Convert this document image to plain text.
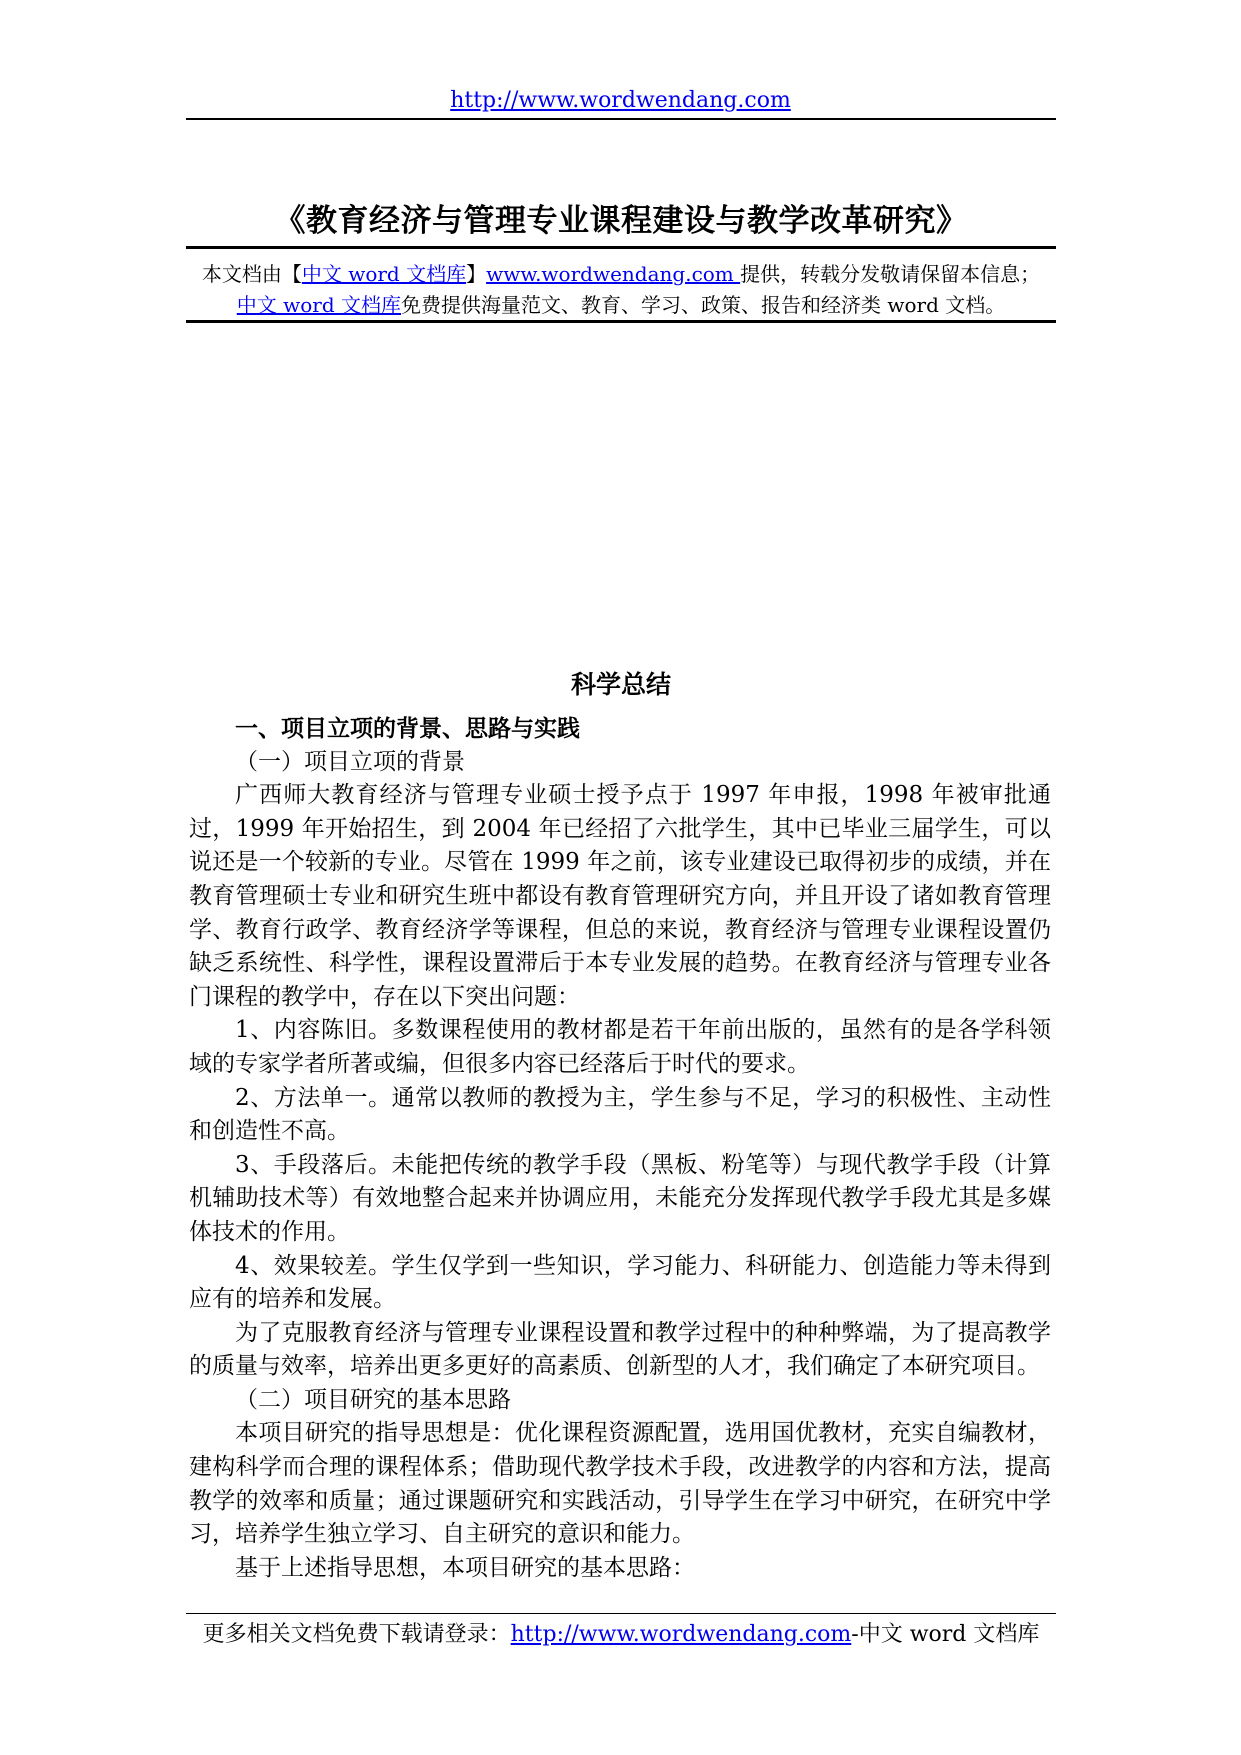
http://www.wordwendang.com
《教育经济与管理专业课程建设与教学改革研究》
本文档由【中文 word 文档库】www.wordwendang.com 提供，转载分发敬请保留本信息；
中文 word 文档库免费提供海量范文、教育、学习、政策、报告和经济类 word 文档。
科学总结

一、项目立项的背景、思路与实践

（一）项目立项的背景

广西师大教育经济与管理专业硕士授予点于 1997 年申报，1998 年被审批通过，1999 年开始招生，到 2004 年已经招了六批学生，其中已毕业三届学生，可以说还是一个较新的专业。尽管在 1999 年之前，该专业建设已取得初步的成绩，并在教育管理硕士专业和研究生班中都设有教育管理研究方向，并且开设了诸如教育管理学、教育行政学、教育经济学等课程，但总的来说，教育经济与管理专业课程设置仍缺乏系统性、科学性，课程设置滞后于本专业发展的趋势。在教育经济与管理专业各门课程的教学中，存在以下突出问题：

1、内容陈旧。多数课程使用的教材都是若干年前出版的，虽然有的是各学科领域的专家学者所著或编，但很多内容已经落后于时代的要求。

2、方法单一。通常以教师的教授为主，学生参与不足，学习的积极性、主动性和创造性不高。

3、手段落后。未能把传统的教学手段（黑板、粉笔等）与现代教学手段（计算机辅助技术等）有效地整合起来并协调应用，未能充分发挥现代教学手段尤其是多媒体技术的作用。

4、效果较差。学生仅学到一些知识，学习能力、科研能力、创造能力等未得到应有的培养和发展。

为了克服教育经济与管理专业课程设置和教学过程中的种种弊端，为了提高教学的质量与效率，培养出更多更好的高素质、创新型的人才，我们确定了本研究项目。

（二）项目研究的基本思路

本项目研究的指导思想是：优化课程资源配置，选用国优教材，充实自编教材，建构科学而合理的课程体系；借助现代教学技术手段，改进教学的内容和方法，提高教学的效率和质量；通过课题研究和实践活动，引导学生在学习中研究，在研究中学习，培养学生独立学习、自主研究的意识和能力。

基于上述指导思想，本项目研究的基本思路：

更多相关文档免费下载请登录：http://www.wordwendang.com-中文 word 文档库
